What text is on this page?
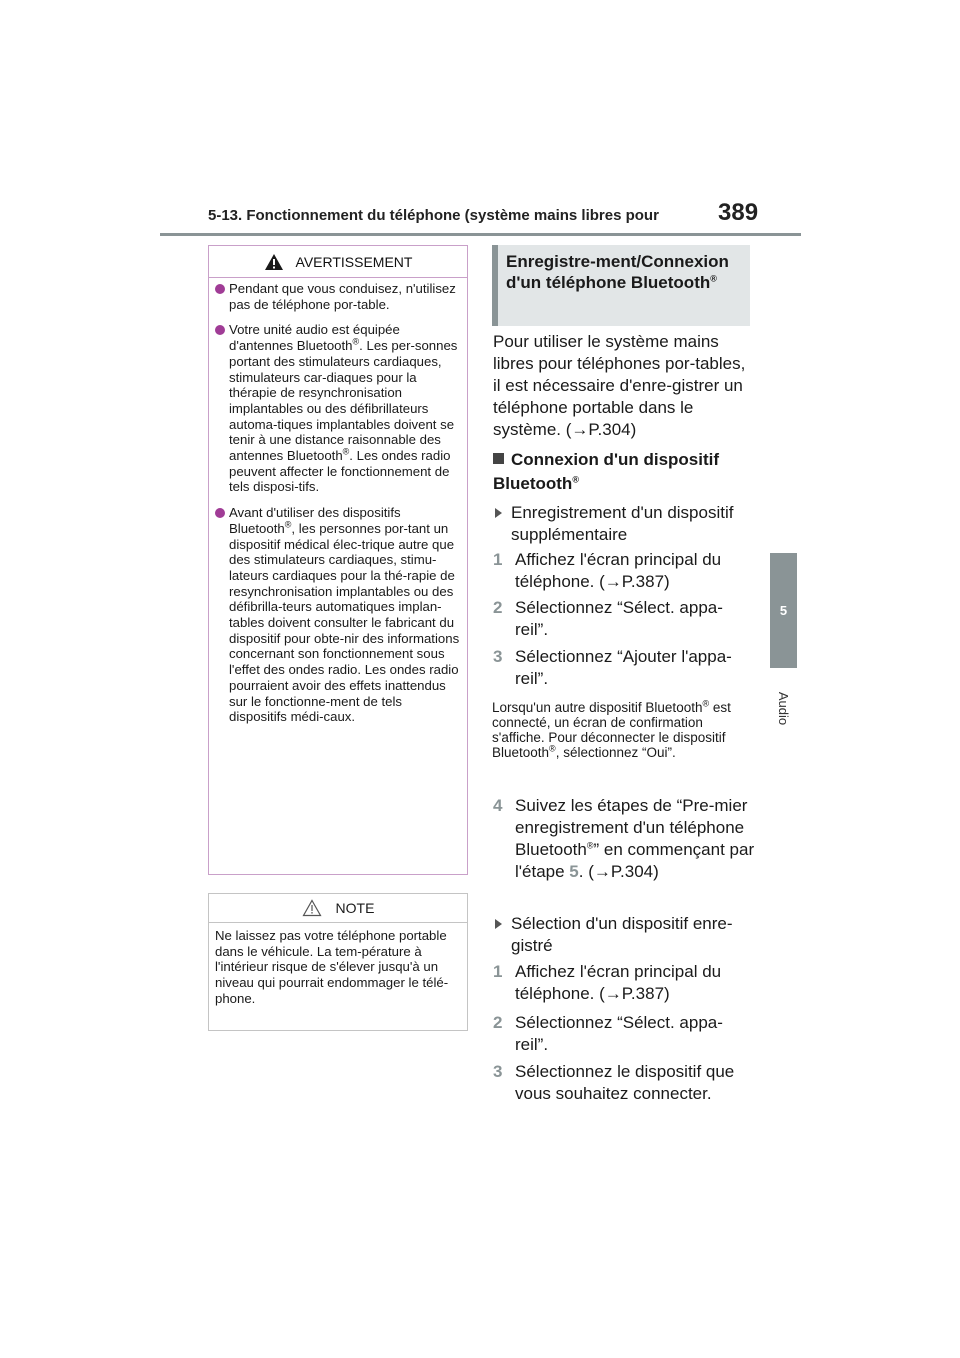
5-13. Fonctionnement du téléphone (système mains libres pour 389
5
Audio
AVERTISSEMENT
Pendant que vous conduisez, n'utilisez pas de téléphone por-table.
Votre unité audio est équipée d'antennes Bluetooth®. Les per-sonnes portant des stimulateurs cardiaques, stimulateurs car-diaques pour la thérapie de resynchronisation implantables ou des défibrillateurs automa-tiques implantables doivent se tenir à une distance raisonnable des antennes Bluetooth®. Les ondes radio peuvent affecter le fonctionnement de tels disposi-tifs.
Avant d'utiliser des dispositifs Bluetooth®, les personnes por-tant un dispositif médical élec-trique autre que des stimulateurs cardiaques, stimu-lateurs cardiaques pour la thé-rapie de resynchronisation implantables ou des défibrilla-teurs automatiques implan-tables doivent consulter le fabricant du dispositif pour obte-nir des informations concernant son fonctionnement sous l'effet des ondes radio. Les ondes radio pourraient avoir des effets inattendus sur le fonctionne-ment de tels dispositifs médi-caux.
NOTE
Ne laissez pas votre téléphone portable dans le véhicule. La tem-pérature à l'intérieur risque de s'élever jusqu'à un niveau qui pourrait endommager le télé-phone.
Enregistre-ment/Connexion d'un téléphone Bluetooth®
Pour utiliser le système mains libres pour téléphones por-tables, il est nécessaire d'enre-gistrer un téléphone portable dans le système. (→P.304)
Connexion d'un dispositif Bluetooth®
Enregistrement d'un dispositif supplémentaire
1 Affichez l'écran principal du téléphone. (→P.387)
2 Sélectionnez “Sélect. appa-reil”.
3 Sélectionnez “Ajouter l'appa-reil”.
Lorsqu'un autre dispositif Bluetooth® est connecté, un écran de confirmation s'affiche. Pour déconnecter le dispositif Bluetooth®, sélectionnez “Oui”.
4 Suivez les étapes de “Pre-mier enregistrement d'un téléphone Bluetooth®” en commençant par l'étape 5. (→P.304)
Sélection d'un dispositif enre-gistré
1 Affichez l'écran principal du téléphone. (→P.387)
2 Sélectionnez “Sélect. appa-reil”.
3 Sélectionnez le dispositif que vous souhaitez connecter.
